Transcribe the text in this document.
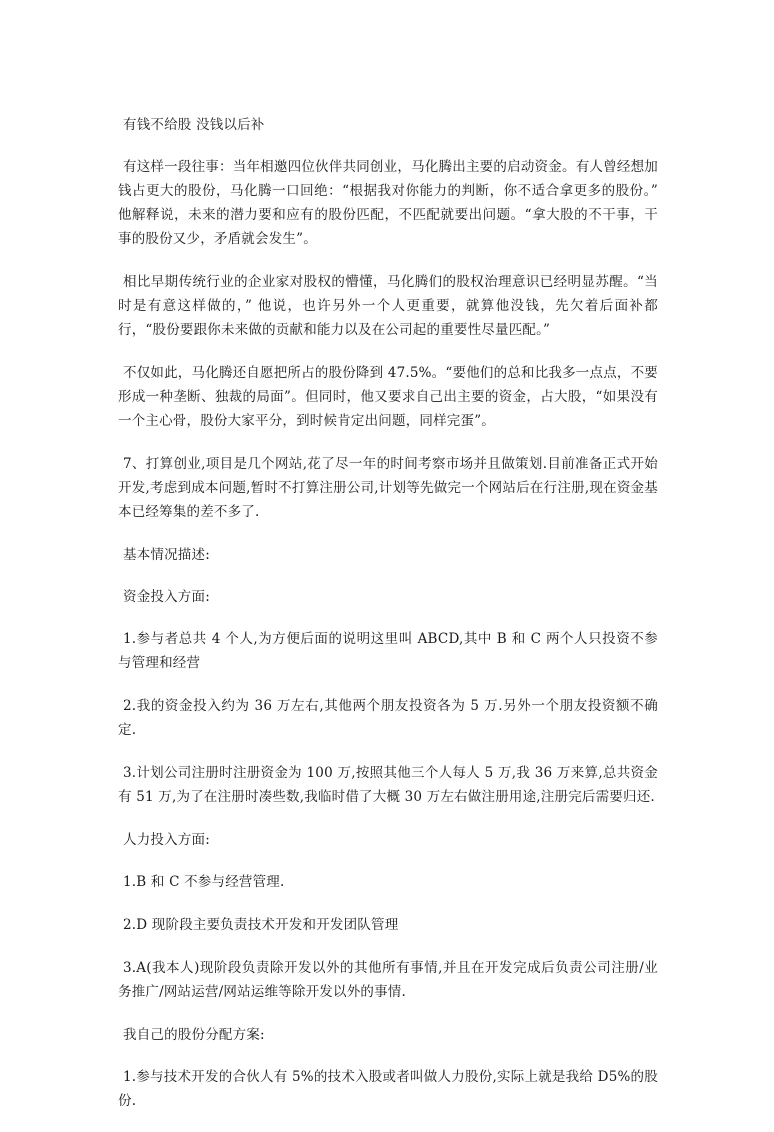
有钱不给股 没钱以后补

有这样一段往事：当年相邀四位伙伴共同创业，马化腾出主要的启动资金。有人曾经想加钱占更大的股份，马化腾一口回绝：“根据我对你能力的判断，你不适合拿更多的股份。” 他解释说，未来的潜力要和应有的股份匹配，不匹配就要出问题。“拿大股的不干事，干事的股份又少，矛盾就会发生”。

相比早期传统行业的企业家对股权的懵懂，马化腾们的股权治理意识已经明显苏醒。“当时是有意这样做的，” 他说，也许另外一个人更重要，就算他没钱，先欠着后面补都行，“股份要跟你未来做的贡献和能力以及在公司起的重要性尽量匹配。”

不仅如此，马化腾还自愿把所占的股份降到 47.5%。“要他们的总和比我多一点点，不要形成一种垄断、独裁的局面”。但同时，他又要求自己出主要的资金，占大股，“如果没有一个主心骨，股份大家平分，到时候肯定出问题，同样完蛋”。

7、打算创业,项目是几个网站,花了尽一年的时间考察市场并且做策划.目前准备正式开始开发,考虑到成本问题,暂时不打算注册公司,计划等先做完一个网站后在行注册,现在资金基本已经筹集的差不多了.

基本情况描述:

资金投入方面:

1.参与者总共 4 个人,为方便后面的说明这里叫 ABCD,其中 B 和 C 两个人只投资不参与管理和经营

2.我的资金投入约为 36 万左右,其他两个朋友投资各为 5 万.另外一个朋友投资额不确定.

3.计划公司注册时注册资金为 100 万,按照其他三个人每人 5 万,我 36 万来算,总共资金有 51 万,为了在注册时凑些数,我临时借了大概 30 万左右做注册用途,注册完后需要归还.

人力投入方面:

1.B 和 C 不参与经营管理.

2.D 现阶段主要负责技术开发和开发团队管理

3.A(我本人)现阶段负责除开发以外的其他所有事情,并且在开发完成后负责公司注册/业务推广/网站运营/网站运维等除开发以外的事情.

我自己的股份分配方案:

1.参与技术开发的合伙人有 5%的技术入股或者叫做人力股份,实际上就是我给 D5%的股份.
